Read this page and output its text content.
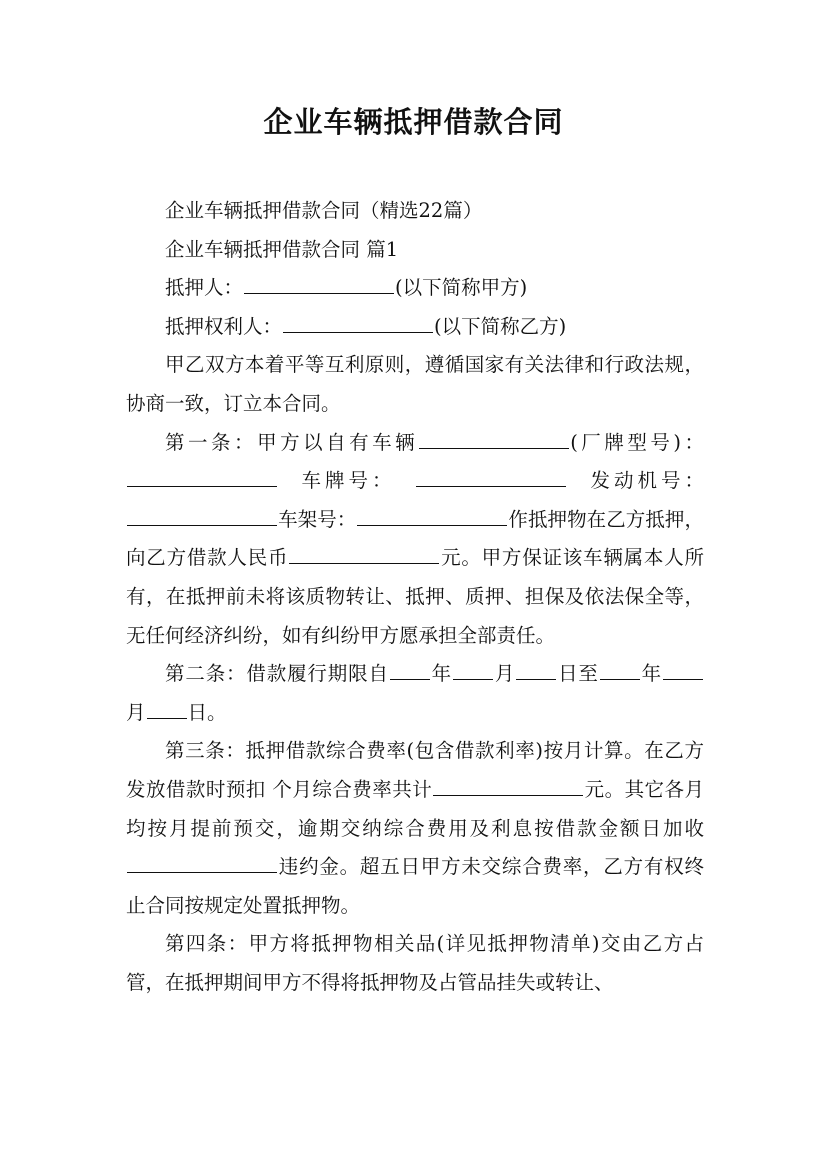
企业车辆抵押借款合同

企业车辆抵押借款合同（精选22篇）

企业车辆抵押借款合同 篇1

抵押人：	(以下简称甲方)

抵押权利人：	(以下简称乙方)

甲乙双方本着平等互利原则，遵循国家有关法律和行政法规，协商一致，订立本合同。

第一条：甲方以自有车辆	(厂牌型号)： 车牌号：  	发动机号： 车架号：	作抵押物在乙方抵押，向乙方借款人民币	元。甲方保证该车辆属本人所有，在抵押前未将该质物转让、抵押、质押、担保及依法保全等，无任何经济纠纷，如有纠纷甲方愿承担全部责任。

第二条：借款履行期限自 年 月 日至 年月 日。

第三条：抵押借款综合费率(包含借款利率)按月计算。在乙方发放借款时预扣 个月综合费率共计	元。其它各月均按月提前预交，逾期交纳综合费用及利息按借款金额日加收违约金。超五日甲方未交综合费率，乙方有权终止合同按规定处置抵押物。

第四条：甲方将抵押物相关品(详见抵押物清单)交由乙方占管，在抵押期间甲方不得将抵押物及占管品挂失或转让、
